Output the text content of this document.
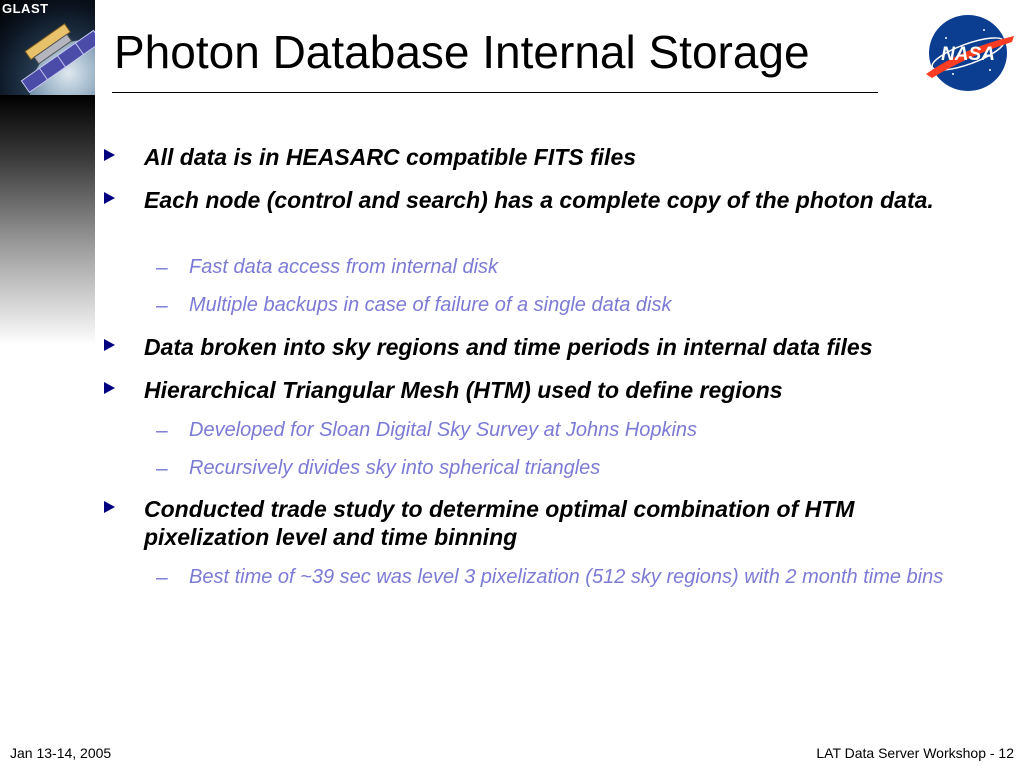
GLAST
Photon Database Internal Storage	NASA
All data is in HEASARC compatible FITS files
Each node (control and search) has a complete copy of the photon data.
– Fast data access from internal disk
– Multiple backups in case of failure of a single data disk
Data broken into sky regions and time periods in internal data files
Hierarchical Triangular Mesh (HTM) used to define regions
– Developed for Sloan Digital Sky Survey at Johns Hopkins
– Recursively divides sky into spherical triangles
Conducted trade study to determine optimal combination of HTM pixelization level and time binning
– Best time of ~39 sec was level 3 pixelization (512 sky regions) with 2 month time bins
Jan 13-14, 2005	LAT Data Server Workshop - 12
